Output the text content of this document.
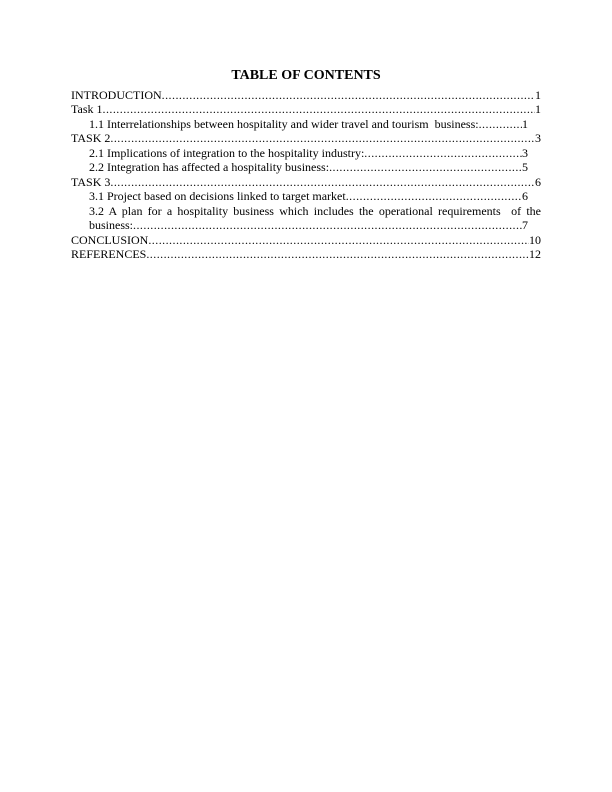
TABLE OF CONTENTS
INTRODUCTION .....	1
Task 1 .....	1
1.1 Interrelationships between hospitality and wider travel and tourism  business: .....	1
TASK 2 .....	3
2.1 Implications of integration to the hospitality industry: .....	3
2.2 Integration has affected a hospitality business: .....	5
TASK 3 .....	6
3.1 Project based on decisions linked to target market .....	6
3.2 A plan for a hospitality business which includes the operational requirements  of the
business: .....	7
CONCLUSION .....	10
REFERENCES .....	12
